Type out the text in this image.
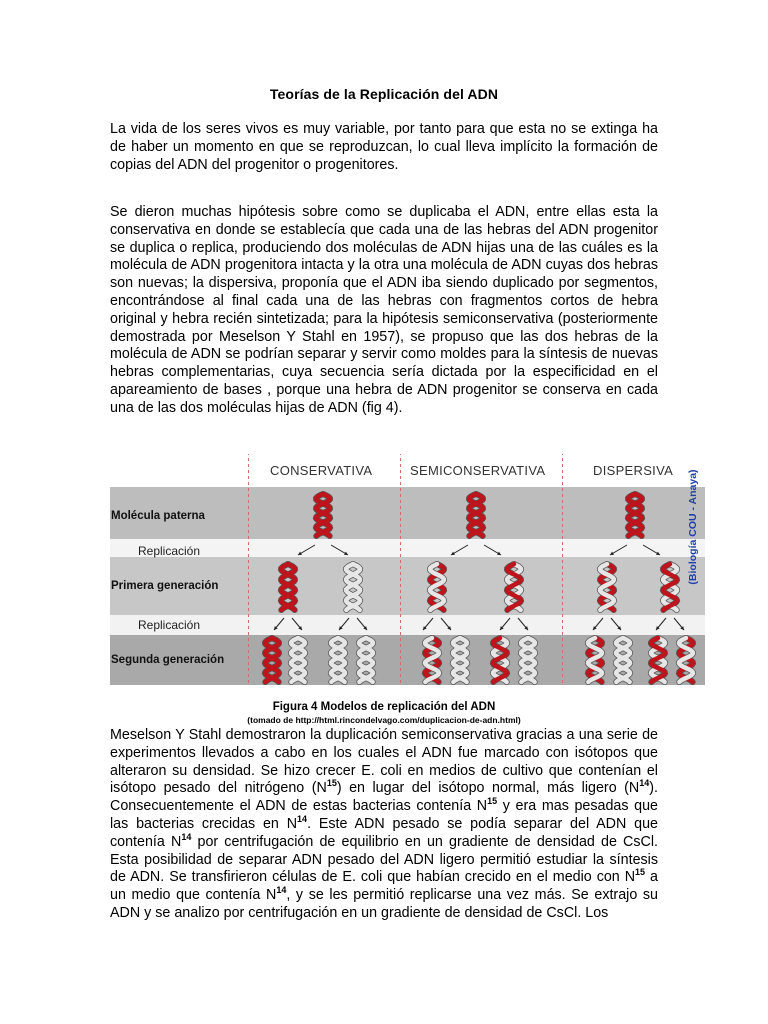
Teorías de la Replicación del ADN

La vida de los seres vivos es muy variable, por tanto para que esta no se extinga ha de haber un momento en que se reproduzcan, lo cual lleva implícito la formación de copias del ADN del progenitor o progenitores.

Se dieron muchas hipótesis sobre como se duplicaba el ADN, entre ellas esta la conservativa en donde se establecía que cada una de las hebras del ADN progenitor se duplica o replica, produciendo dos moléculas de ADN hijas una de las cuáles es la molécula de ADN progenitora intacta y la otra una molécula de ADN cuyas dos hebras son nuevas; la dispersiva, proponía que el ADN iba siendo duplicado por segmentos, encontrándose al final cada una de las hebras con fragmentos cortos de hebra original y hebra recién sintetizada; para la hipótesis semiconservativa (posteriormente demostrada por Meselson Y Stahl en 1957), se propuso que las dos hebras de la molécula de ADN se podrían separar y servir como moldes para la síntesis de nuevas hebras complementarias, cuya secuencia sería dictada por la especificidad en el apareamiento de bases , porque una hebra de ADN progenitor se conserva en cada una de las dos moléculas hijas de ADN (fig 4).

CONSERVATIVA	SEMICONSERVATIVA	DISPERSIVA
Molécula paterna
Replicación
Primera generación
Replicación
Segunda generación
(Biología COU - Anaya)
Figura 4 Modelos de replicación del ADN
(tomado de http://html.rincondelvago.com/duplicacion-de-adn.html)

Meselson Y Stahl demostraron la duplicación semiconservativa gracias a una serie de experimentos llevados a cabo en los cuales el ADN fue marcado con isótopos que alteraron su densidad. Se hizo crecer E. coli en medios de cultivo que contenían el isótopo pesado del nitrógeno $(N^{15})$ en lugar del isótopo normal, más ligero $(N^{14})$. Consecuentemente el ADN de estas bacterias contenía $N^{15}$ y era mas pesadas que las bacterias crecidas en $N^{14}$. Este ADN pesado se podía separar del ADN que contenía $N^{14}$ por centrifugación de equilibrio en un gradiente de densidad de CsCl. Esta posibilidad de separar ADN pesado del ADN ligero permitió estudiar la síntesis de ADN. Se transfirieron células de E. coli que habían crecido en el medio con $N^{15}$ a un medio que contenía $N^{14}$, y se les permitió replicarse una vez más. Se extrajo su ADN y se analizo por centrifugación en un gradiente de densidad de CsCl. Los
